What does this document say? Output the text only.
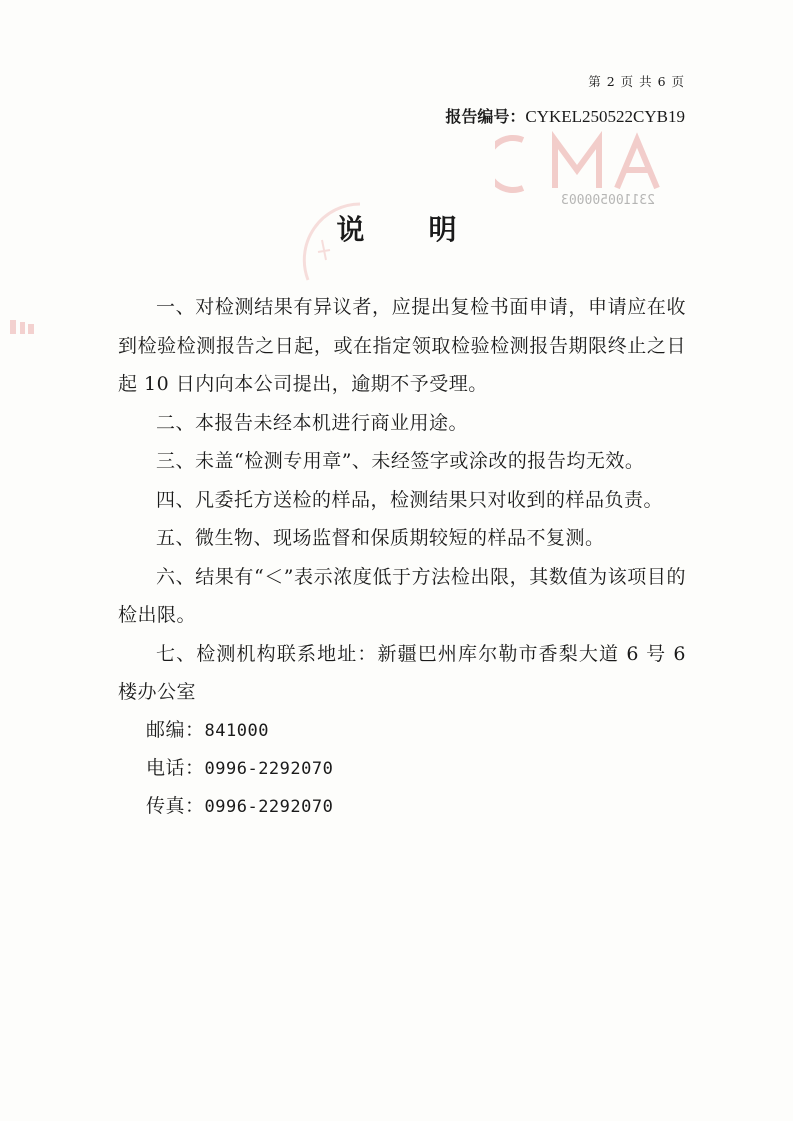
第 2 页 共 6 页
报告编号：CYKEL250522CYB19
231100500003
说明

一、对检测结果有异议者，应提出复检书面申请，申请应在收到检验检测报告之日起，或在指定领取检验检测报告期限终止之日起 10 日内向本公司提出，逾期不予受理。

二、本报告未经本机进行商业用途。

三、未盖“检测专用章”、未经签字或涂改的报告均无效。

四、凡委托方送检的样品，检测结果只对收到的样品负责。

五、微生物、现场监督和保质期较短的样品不复测。

六、结果有“＜”表示浓度低于方法检出限，其数值为该项目的检出限。

七、检测机构联系地址：新疆巴州库尔勒市香梨大道 6 号 6 楼办公室

邮编：841000

电话：0996-2292070

传真：0996-2292070
